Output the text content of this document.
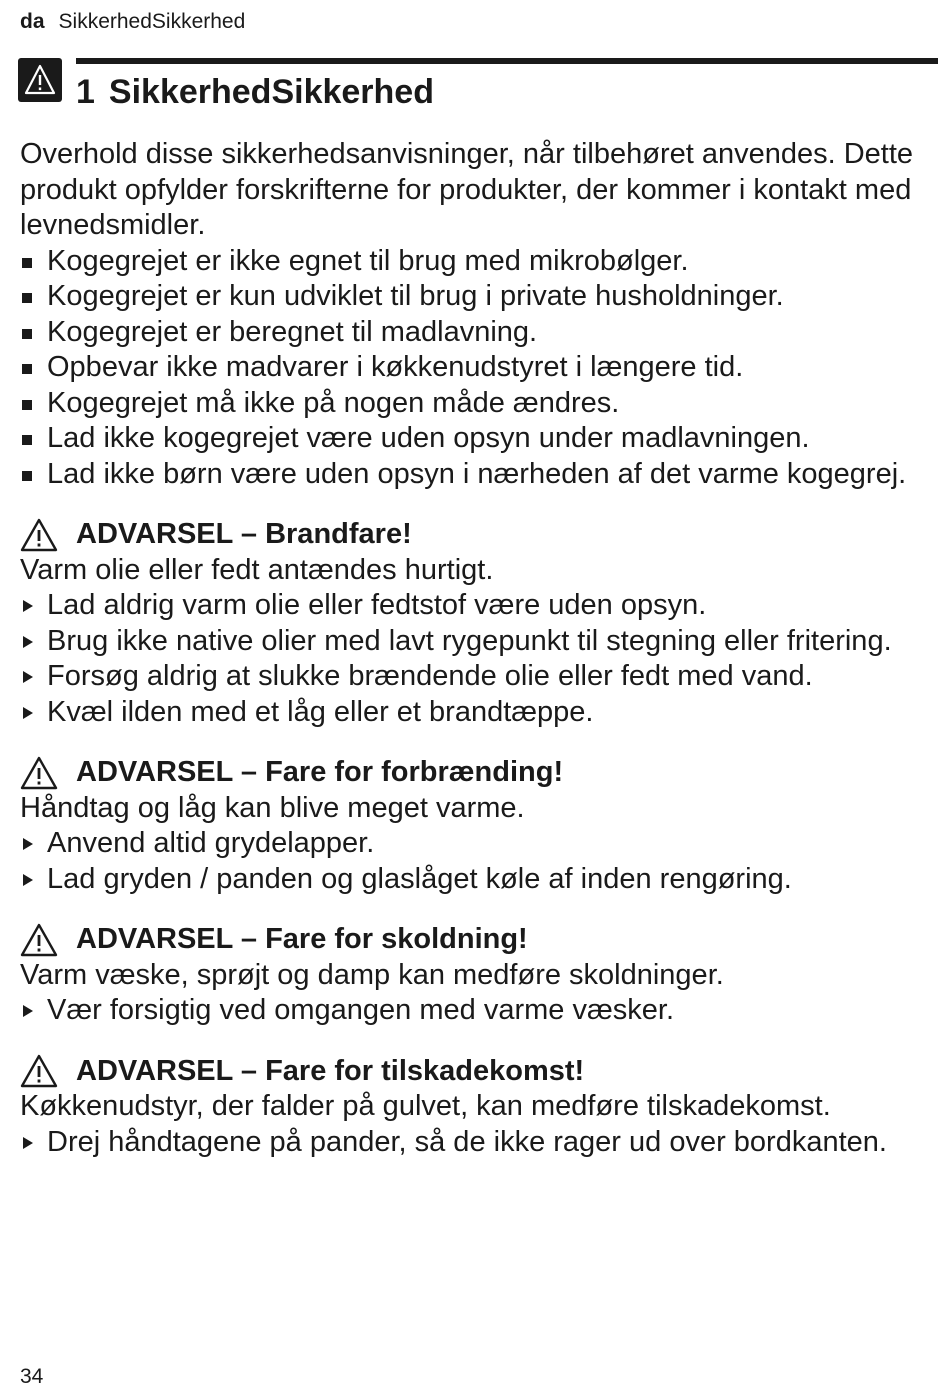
da SikkerhedSikkerhed
1 SikkerhedSikkerhed

Overhold disse sikkerhedsanvisninger, når tilbehøret anvendes. Dette produkt opfylder forskrifterne for produkter, der kommer i kontakt med levnedsmidler.

Kogegrejet er ikke egnet til brug med mikrobølger.
Kogegrejet er kun udviklet til brug i private husholdninger.
Kogegrejet er beregnet til madlavning.
Opbevar ikke madvarer i køkkenudstyret i længere tid.
Kogegrejet må ikke på nogen måde ændres.
Lad ikke kogegrejet være uden opsyn under madlavningen.
Lad ikke børn være uden opsyn i nærheden af det varme kogegrej.
ADVARSEL – Brandfare!

Varm olie eller fedt antændes hurtigt.

Lad aldrig varm olie eller fedtstof være uden opsyn.
Brug ikke native olier med lavt rygepunkt til stegning eller fritering.
Forsøg aldrig at slukke brændende olie eller fedt med vand.
Kvæl ilden med et låg eller et brandtæppe.
ADVARSEL – Fare for forbrænding!

Håndtag og låg kan blive meget varme.

Anvend altid grydelapper.
Lad gryden / panden og glaslåget køle af inden rengøring.
ADVARSEL – Fare for skoldning!

Varm væske, sprøjt og damp kan medføre skoldninger.

Vær forsigtig ved omgangen med varme væsker.
ADVARSEL – Fare for tilskadekomst!

Køkkenudstyr, der falder på gulvet, kan medføre tilskadekomst.

Drej håndtagene på pander, så de ikke rager ud over bordkanten.
34
